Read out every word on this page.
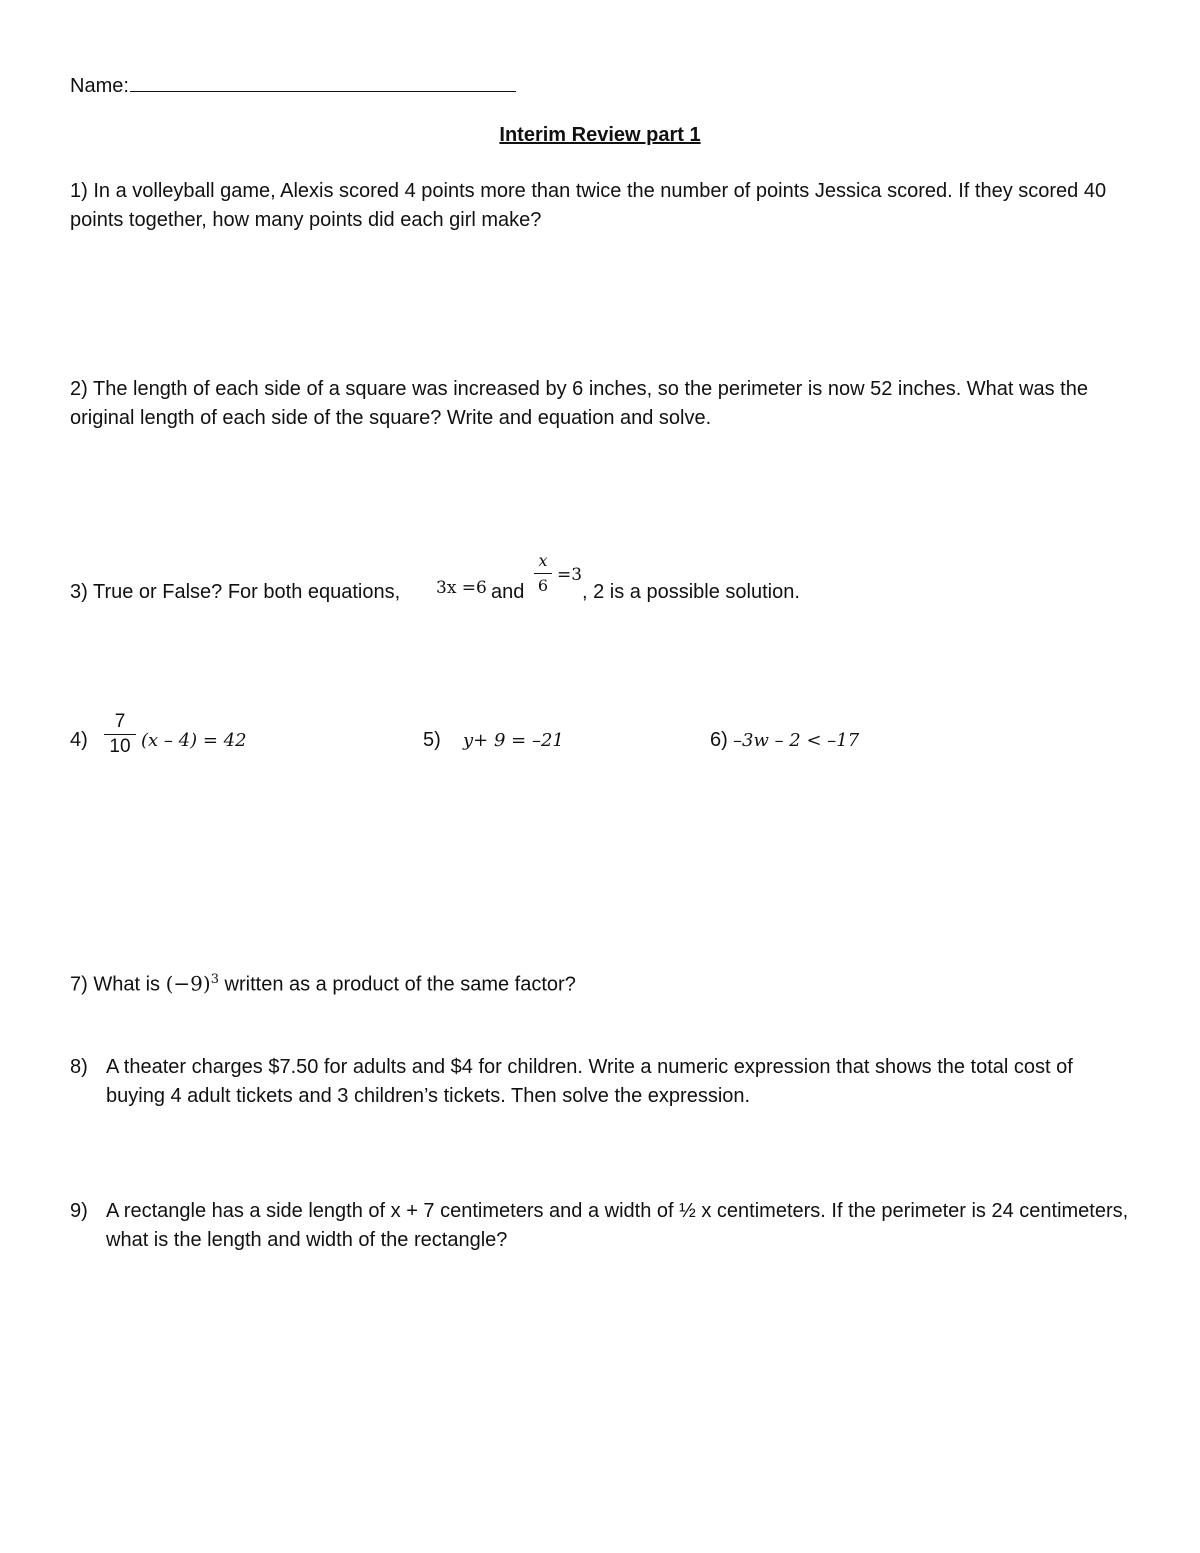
Name:
Interim Review part 1
1) In a volleyball game, Alexis scored 4 points more than twice the number of points Jessica scored. If they scored 40 points together, how many points did each girl make?
2) The length of each side of a square was increased by 6 inches, so the perimeter is now 52 inches. What was the original length of each side of the square? Write and equation and solve.
3) True or False? For both equations, 3x =6 and
x
6
=3
, 2 is a possible solution.
4)
7
10 (x – 4) = 42	5) y+ 9 = –21	6) –3w – 2 < –17
7) What is $(-9)^3$ written as a product of the same factor?
8) A theater charges $7.50 for adults and $4 for children. Write a numeric expression that shows the total cost of buying 4 adult tickets and 3 children’s tickets. Then solve the expression.
9) A rectangle has a side length of x + 7 centimeters and a width of ½ x centimeters. If the perimeter is 24 centimeters, what is the length and width of the rectangle?
